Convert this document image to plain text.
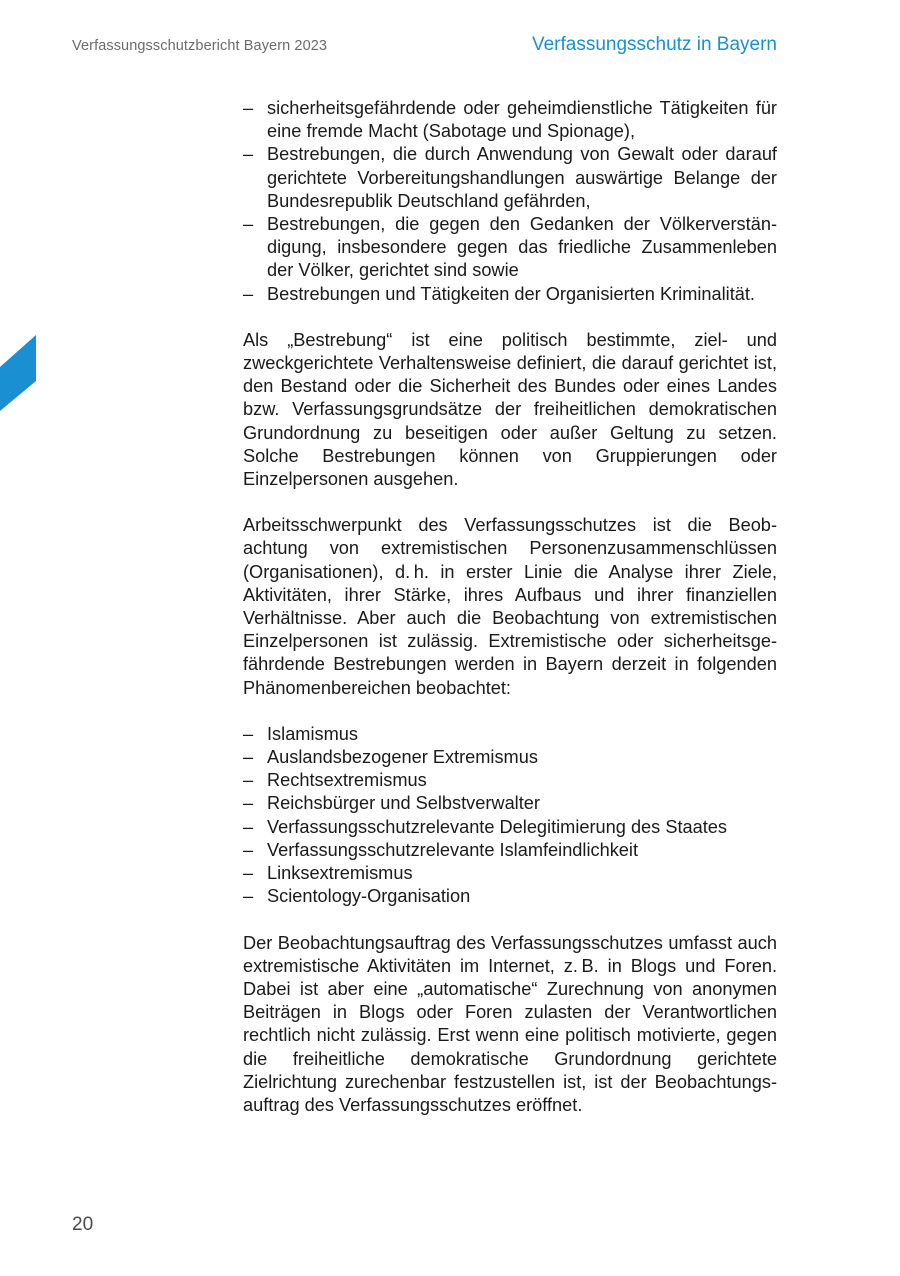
Verfassungsschutzbericht Bayern 2023	Verfassungsschutz in Bayern
– sicherheitsgefährdende oder geheimdienstliche Tätigkeiten für eine fremde Macht (Sabotage und Spionage),
– Bestrebungen, die durch Anwendung von Gewalt oder darauf gerichtete Vorbereitungshandlungen auswärtige Belange der Bundesrepublik Deutschland gefährden,
– Bestrebungen, die gegen den Gedanken der Völkerverständigung, insbesondere gegen das friedliche Zusammenleben der Völker, gerichtet sind sowie
– Bestrebungen und Tätigkeiten der Organisierten Kriminalität.

Als „Bestrebung“ ist eine politisch bestimmte, ziel- und zweckgerichtete Verhaltensweise definiert, die darauf gerichtet ist, den Bestand oder die Sicherheit des Bundes oder eines Landes bzw. Verfassungsgrundsätze der freiheitlichen demokratischen Grundordnung zu beseitigen oder außer Geltung zu setzen. Solche Bestrebungen können von Gruppierungen oder Einzelpersonen ausgehen.

Arbeitsschwerpunkt des Verfassungsschutzes ist die Beobachtung von extremistischen Personenzusammenschlüssen (Organisationen), d. h. in erster Linie die Analyse ihrer Ziele, Aktivitäten, ihrer Stärke, ihres Aufbaus und ihrer finanziellen Verhältnisse. Aber auch die Beobachtung von extremistischen Einzelpersonen ist zulässig. Extremistische oder sicherheitsgefährdende Bestrebungen werden in Bayern derzeit in folgenden Phänomenbereichen beobachtet:

– Islamismus
– Auslandsbezogener Extremismus
– Rechtsextremismus
– Reichsbürger und Selbstverwalter
– Verfassungsschutzrelevante Delegitimierung des Staates
– Verfassungsschutzrelevante Islamfeindlichkeit
– Linksextremismus
– Scientology-Organisation

Der Beobachtungsauftrag des Verfassungsschutzes umfasst auch extremistische Aktivitäten im Internet, z. B. in Blogs und Foren. Dabei ist aber eine „automatische“ Zurechnung von anonymen Beiträgen in Blogs oder Foren zulasten der Verantwortlichen rechtlich nicht zulässig. Erst wenn eine politisch motivierte, gegen die freiheitliche demokratische Grundordnung gerichtete Zielrichtung zurechenbar festzustellen ist, ist der Beobachtungsauftrag des Verfassungsschutzes eröffnet.

20
